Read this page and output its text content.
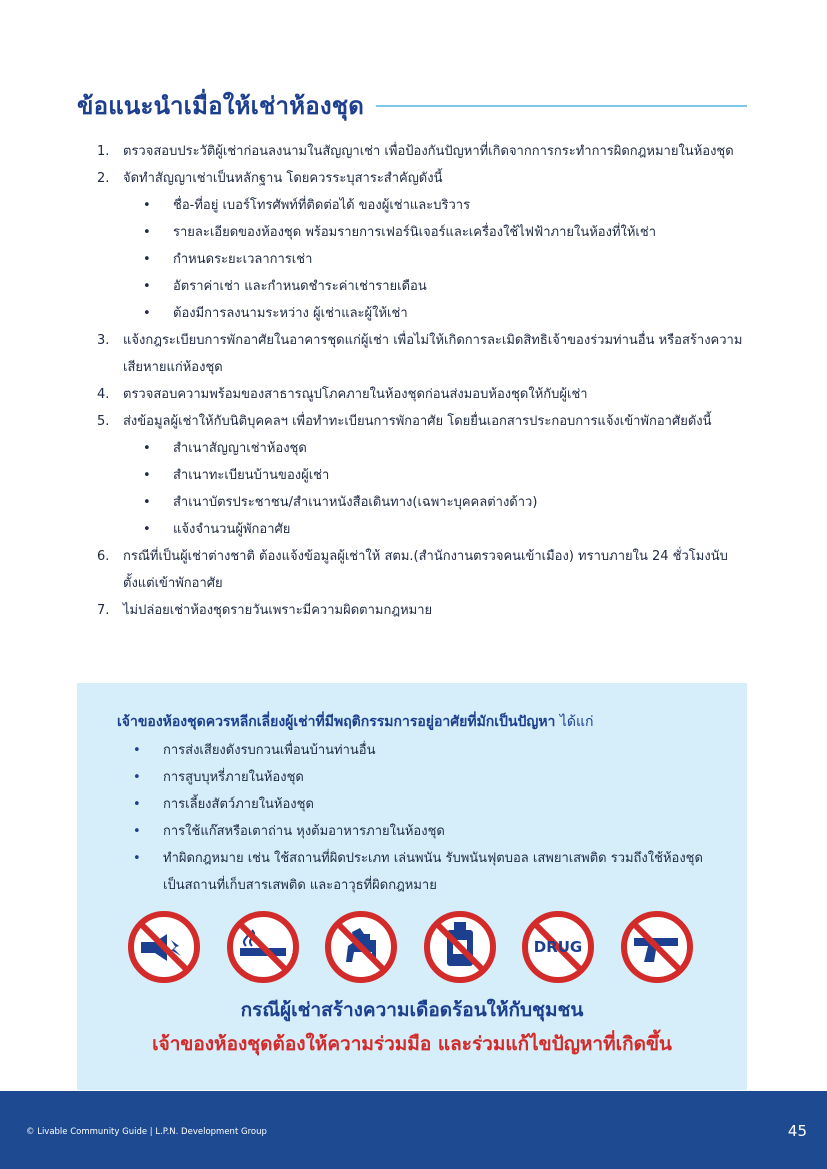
ข้อแนะนำเมื่อให้เช่าห้องชุด
1.	ตรวจสอบประวัติผู้เช่าก่อนลงนามในสัญญาเช่า เพื่อป้องกันปัญหาที่เกิดจากการกระทำการผิดกฎหมายในห้องชุด
2.	จัดทำสัญญาเช่าเป็นหลักฐาน โดยควรระบุสาระสำคัญดังนี้
•	ชื่อ-ที่อยู่ เบอร์โทรศัพท์ที่ติดต่อได้ ของผู้เช่าและบริวาร
•	รายละเอียดของห้องชุด พร้อมรายการเฟอร์นิเจอร์และเครื่องใช้ไฟฟ้าภายในห้องที่ให้เช่า
•	กำหนดระยะเวลาการเช่า
•	อัตราค่าเช่า และกำหนดชำระค่าเช่ารายเดือน
•	ต้องมีการลงนามระหว่าง ผู้เช่าและผู้ให้เช่า
3.	แจ้งกฎระเบียบการพักอาศัยในอาคารชุดแก่ผู้เช่า เพื่อไม่ให้เกิดการละเมิดสิทธิเจ้าของร่วมท่านอื่น หรือสร้างความเสียหายแก่ห้องชุด
4.	ตรวจสอบความพร้อมของสาธารณูปโภคภายในห้องชุดก่อนส่งมอบห้องชุดให้กับผู้เช่า
5.	ส่งข้อมูลผู้เช่าให้กับนิติบุคคลฯ เพื่อทำทะเบียนการพักอาศัย โดยยื่นเอกสารประกอบการแจ้งเข้าพักอาศัยดังนี้
•	สำเนาสัญญาเช่าห้องชุด
•	สำเนาทะเบียนบ้านของผู้เช่า
•	สำเนาบัตรประชาชน/สำเนาหนังสือเดินทาง(เฉพาะบุคคลต่างด้าว)
•	แจ้งจำนวนผู้พักอาศัย
6.	กรณีที่เป็นผู้เช่าต่างชาติ ต้องแจ้งข้อมูลผู้เช่าให้ สตม.(สำนักงานตรวจคนเข้าเมือง) ทราบภายใน 24 ชั่วโมงนับตั้งแต่เข้าพักอาศัย
7.	ไม่ปล่อยเช่าห้องชุดรายวันเพราะมีความผิดตามกฎหมาย
เจ้าของห้องชุดควรหลีกเลี่ยงผู้เช่าที่มีพฤติกรรมการอยู่อาศัยที่มักเป็นปัญหา ได้แก่
•	การส่งเสียงดังรบกวนเพื่อนบ้านท่านอื่น
•	การสูบบุหรี่ภายในห้องชุด
•	การเลี้ยงสัตว์ภายในห้องชุด
•	การใช้แก๊สหรือเตาถ่าน หุงต้มอาหารภายในห้องชุด
•	ทำผิดกฎหมาย เช่น ใช้สถานที่ผิดประเภท เล่นพนัน รับพนันฟุตบอล เสพยาเสพติด รวมถึงใช้ห้องชุดเป็นสถานที่เก็บสารเสพติด และอาวุธที่ผิดกฎหมาย
DRUG
กรณีผู้เช่าสร้างความเดือดร้อนให้กับชุมชน
เจ้าของห้องชุดต้องให้ความร่วมมือ และร่วมแก้ไขปัญหาที่เกิดขึ้น
© Livable Community Guide | L.P.N. Development Group	45
